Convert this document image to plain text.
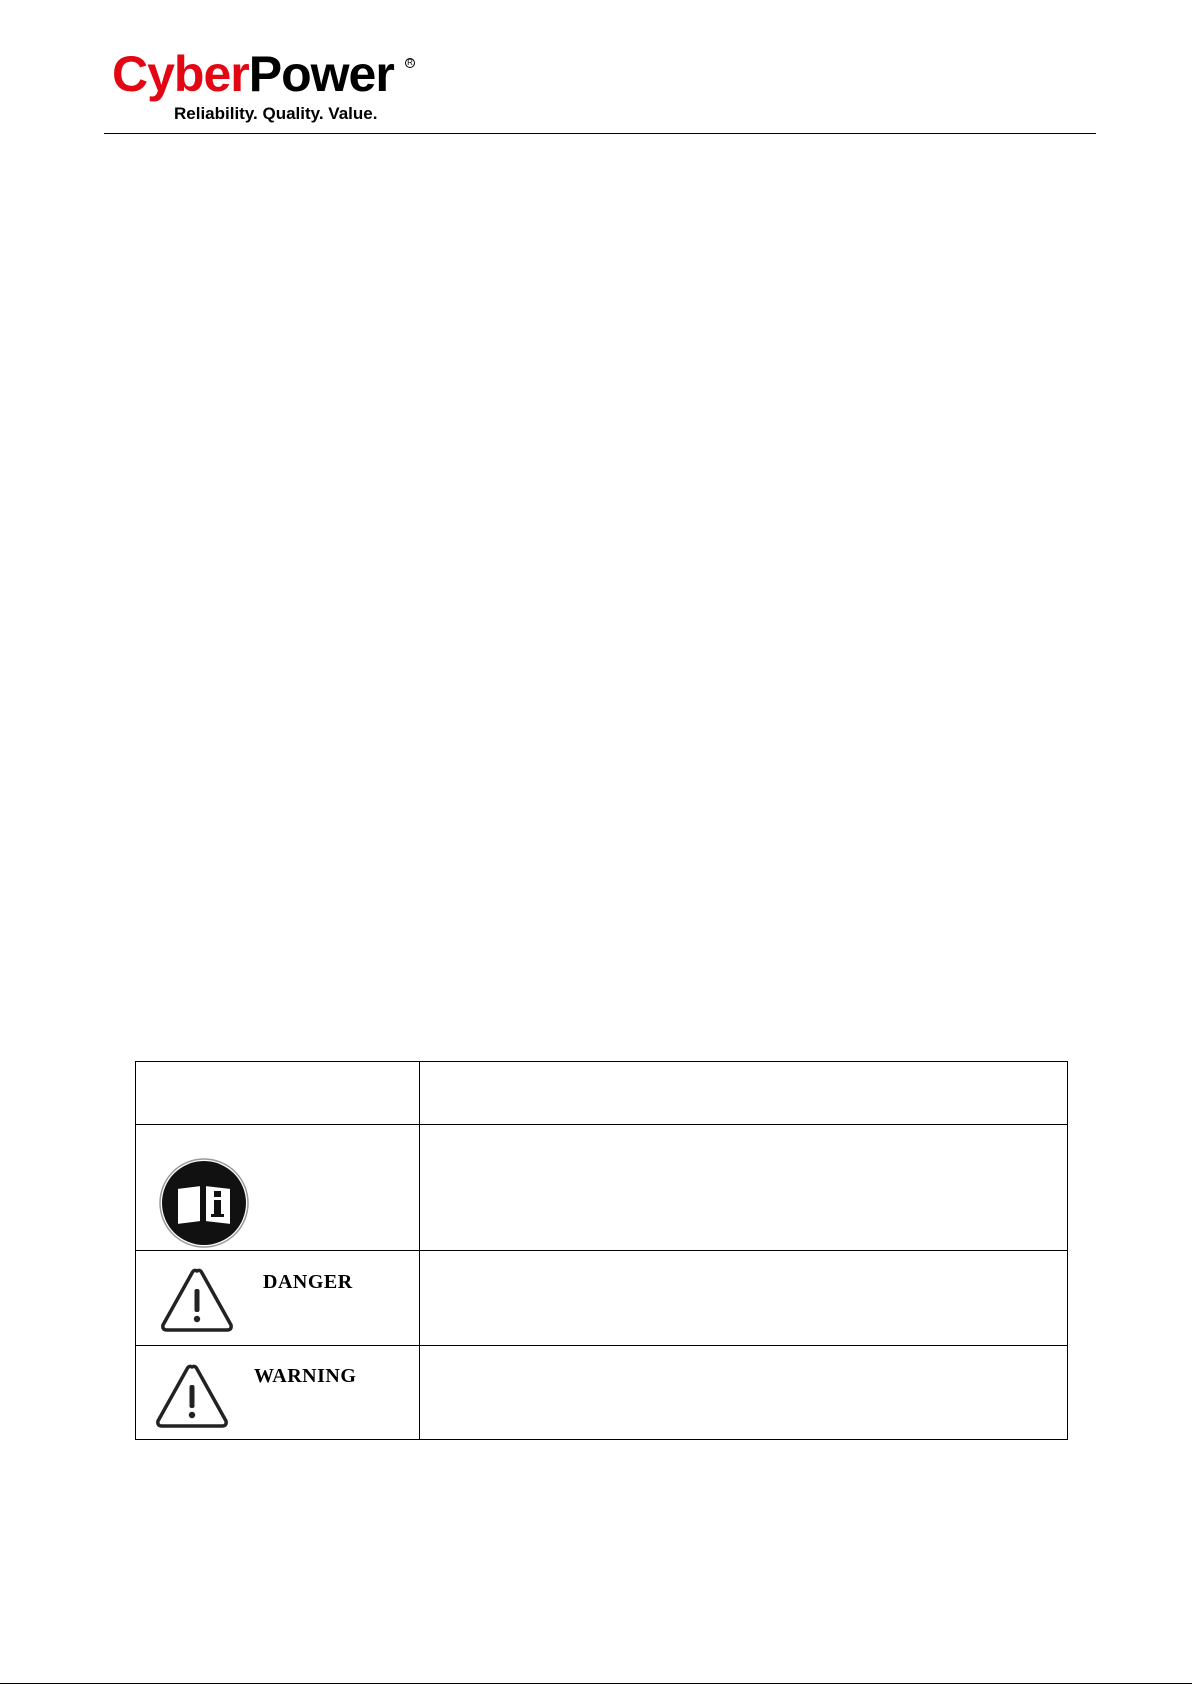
CyberPower R
Reliability. Quality. Value.

DANGER	

WARNING	
